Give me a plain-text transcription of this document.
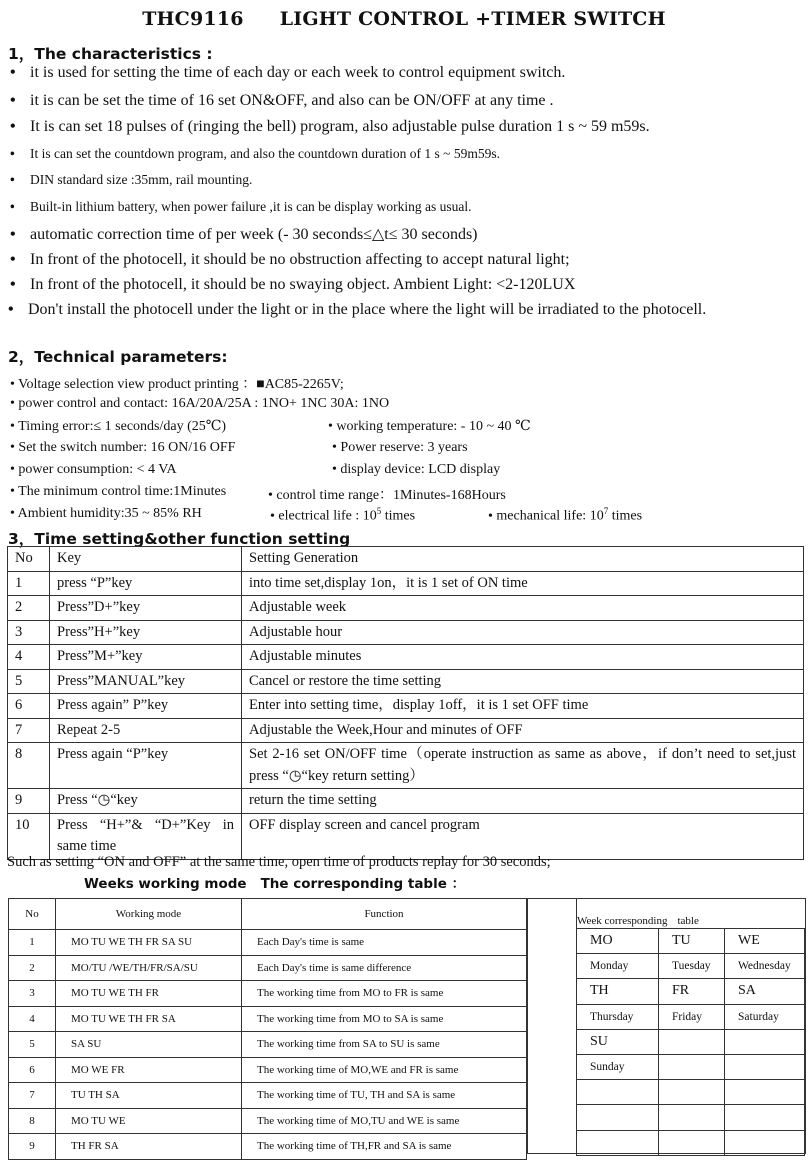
THC9116 LIGHT CONTROL +TIMER SWITCH
1，The characteristics :
• it is used for setting the time of each day or each week to control equipment switch.
• it is can be set the time of 16 set ON&OFF, and also can be ON/OFF at any time .
• It is can set 18 pulses of (ringing the bell) program, also adjustable pulse duration 1 s ~ 59 m59s.
• It is can set the countdown program, and also the countdown duration of 1 s ~ 59m59s.
• DIN standard size :35mm, rail mounting.
• Built-in lithium battery, when power failure ,it is can be display working as usual.
• automatic correction time of per week (- 30 seconds≤△t≤ 30 seconds)
• In front of the photocell, it should be no obstruction affecting to accept natural light;
• In front of the photocell, it should be no swaying object. Ambient Light: <2-120LUX
• Don't install the photocell under the light or in the place where the light will be irradiated to the photocell.
2，Technical parameters:
• Voltage selection view product printing ：■AC85-2265V;
• power control and contact: 16A/20A/25A : 1NO+ 1NC 30A: 1NO
• Timing error:≤ 1 seconds/day (25℃)	• working temperature: - 10 ~ 40 ℃
• Set the switch number: 16 ON/16 OFF	• Power reserve: 3 years
• power consumption: < 4 VA	• display device: LCD display
• The minimum control time:1Minutes	• control time range：1Minutes-168Hours
• Ambient humidity:35 ~ 85% RH	• electrical life : $10^5$ times	• mechanical life: $10^7$ times
3，Time setting&other function setting
No	Key	Setting Generation
1	press “P”key	into time set,display 1on，it is 1 set of ON time
2	Press”D+”key	Adjustable week
3	Press”H+”key	Adjustable hour
4	Press”M+”key	Adjustable minutes
5	Press”MANUAL”key	Cancel or restore the time setting
6	Press again” P”key	Enter into setting time，display 1off，it is 1 set OFF time
7	Repeat 2-5	Adjustable the Week,Hour and minutes of OFF
8	Press again “P”key	Set 2-16 set ON/OFF time（operate instruction as same as above，if don’t need to set,just press “◷“key return setting）
9	Press “◷“key	return the time setting
10	Press “H+”& “D+”Key in same time	OFF display screen and cancel program
Such as setting “ON and OFF” at the same time, open time of products replay for 30 seconds;
Weeks working mode The corresponding table ：
No	Working mode	Function
1	MO TU WE TH FR SA SU	Each Day's time is same
2	MO/TU /WE/TH/FR/SA/SU	Each Day's time is same difference
3	MO TU WE TH FR	The working time from MO to FR is same
4	MO TU WE TH FR SA	The working time from MO to SA is same
5	SA SU	The working time from SA to SU is same
6	MO WE FR	The working time of MO,WE and FR is same
7	TU TH SA	The working time of TU, TH and SA is same
8	MO TU WE	The working time of MO,TU and WE is same
9	TH FR SA	The working time of TH,FR and SA is same
Week corresponding table
MO	TU	WE
Monday	Tuesday	Wednesday
TH	FR	SA
Thursday	Friday	Saturday
SU		
Sunday		
